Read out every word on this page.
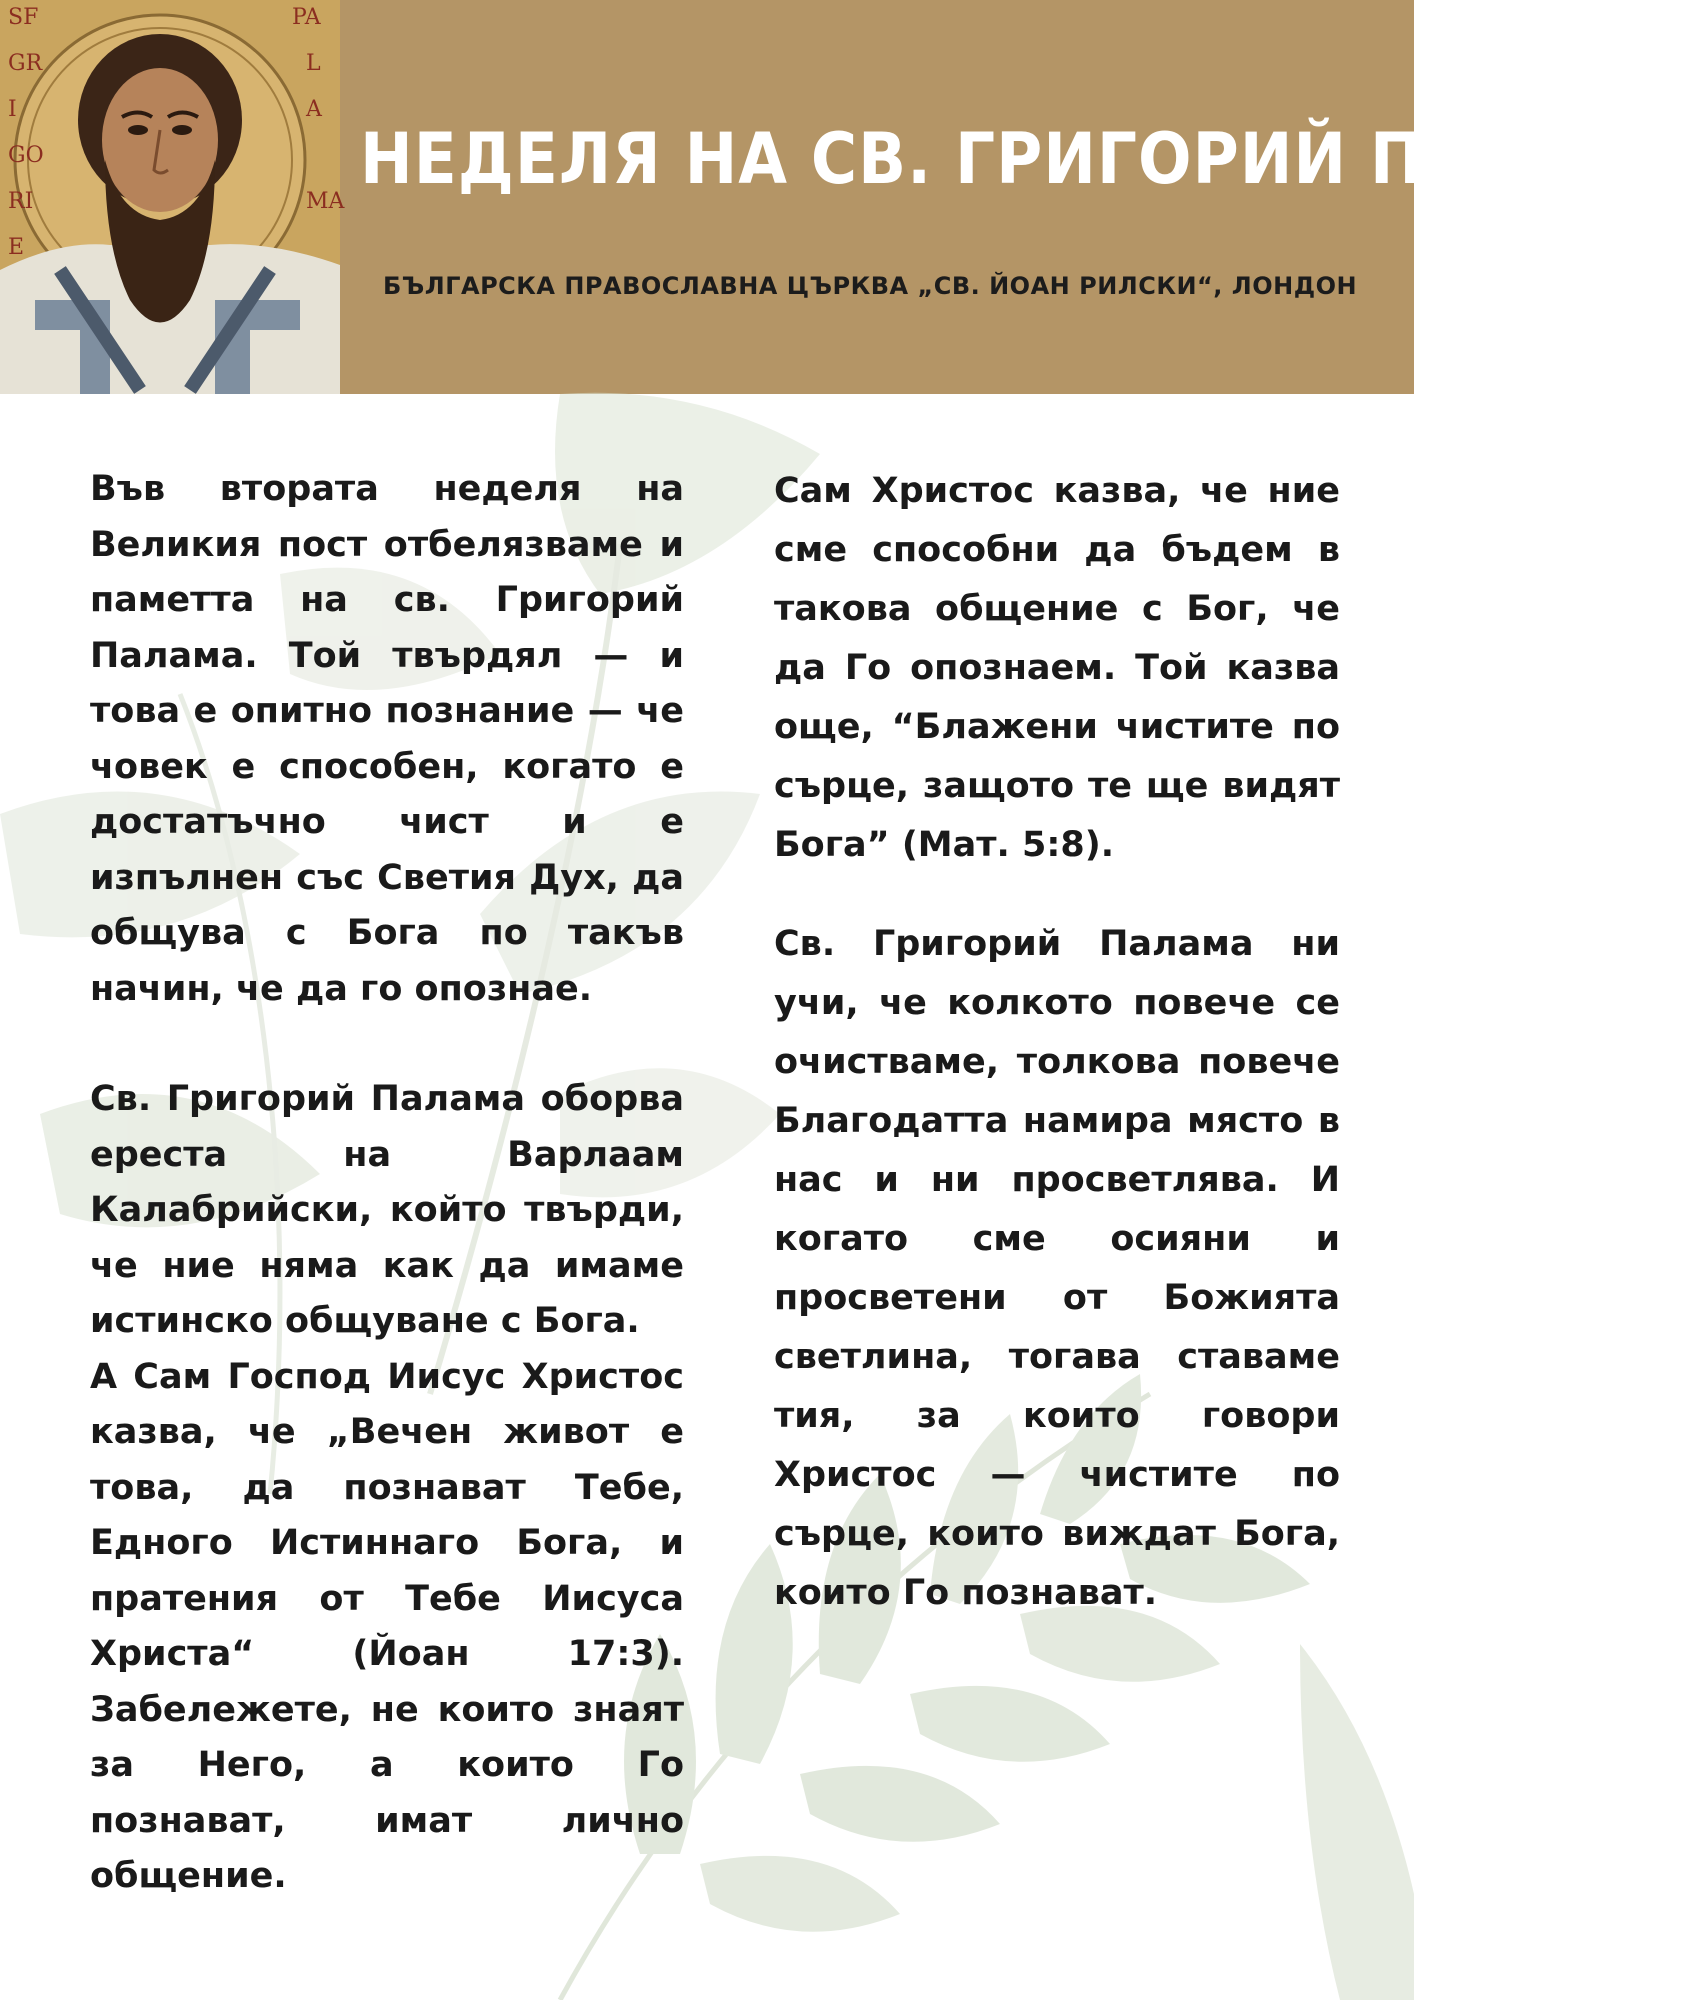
SF
GR
I
GO
RI
E
PA
L
A
MA
НЕДЕЛЯ НА СВ. ГРИГОРИЙ ПАЛАМА
БЪЛГАРСКА ПРАВОСЛАВНА ЦЪРКВА „СВ. ЙОАН РИЛСКИ“, ЛОНДОН

Във втората неделя на Великия пост отбелязваме и паметта на св. Григорий Палама. Той твърдял — и това е опитно познание — че човек е способен, когато е достатъчно чист и е изпълнен със Светия Дух, да общува с Бога по такъв начин, че да го опознае.

Св. Григорий Палама оборва ереста на Варлаам Калабрийски, който твърди, че ние няма как да имаме истинско общуване с Бога.

А Сам Господ Иисус Христос казва, че „Вечен живот е това, да познават Тебе, Едного Истиннаго Бога, и пратения от Тебе Иисуса Христа“ (Йоан 17:3). Забележете, не които знаят за Него, а които Го познават, имат лично общение.

Сам Христос казва, че ние сме способни да бъдем в такова общение с Бог, че да Го опознаем. Той казва още, “Блажени чистите по сърце, защото те ще видят Бога” (Мат. 5:8).

Св. Григорий Палама ни учи, че колкото повече се очистваме, толкова повече Благодатта намира място в нас и ни просветлява. И когато сме осияни и просветени от Божията светлина, тогава ставаме тия, за които говори Христос — чистите по сърце, които виждат Бога, които Го познават.
